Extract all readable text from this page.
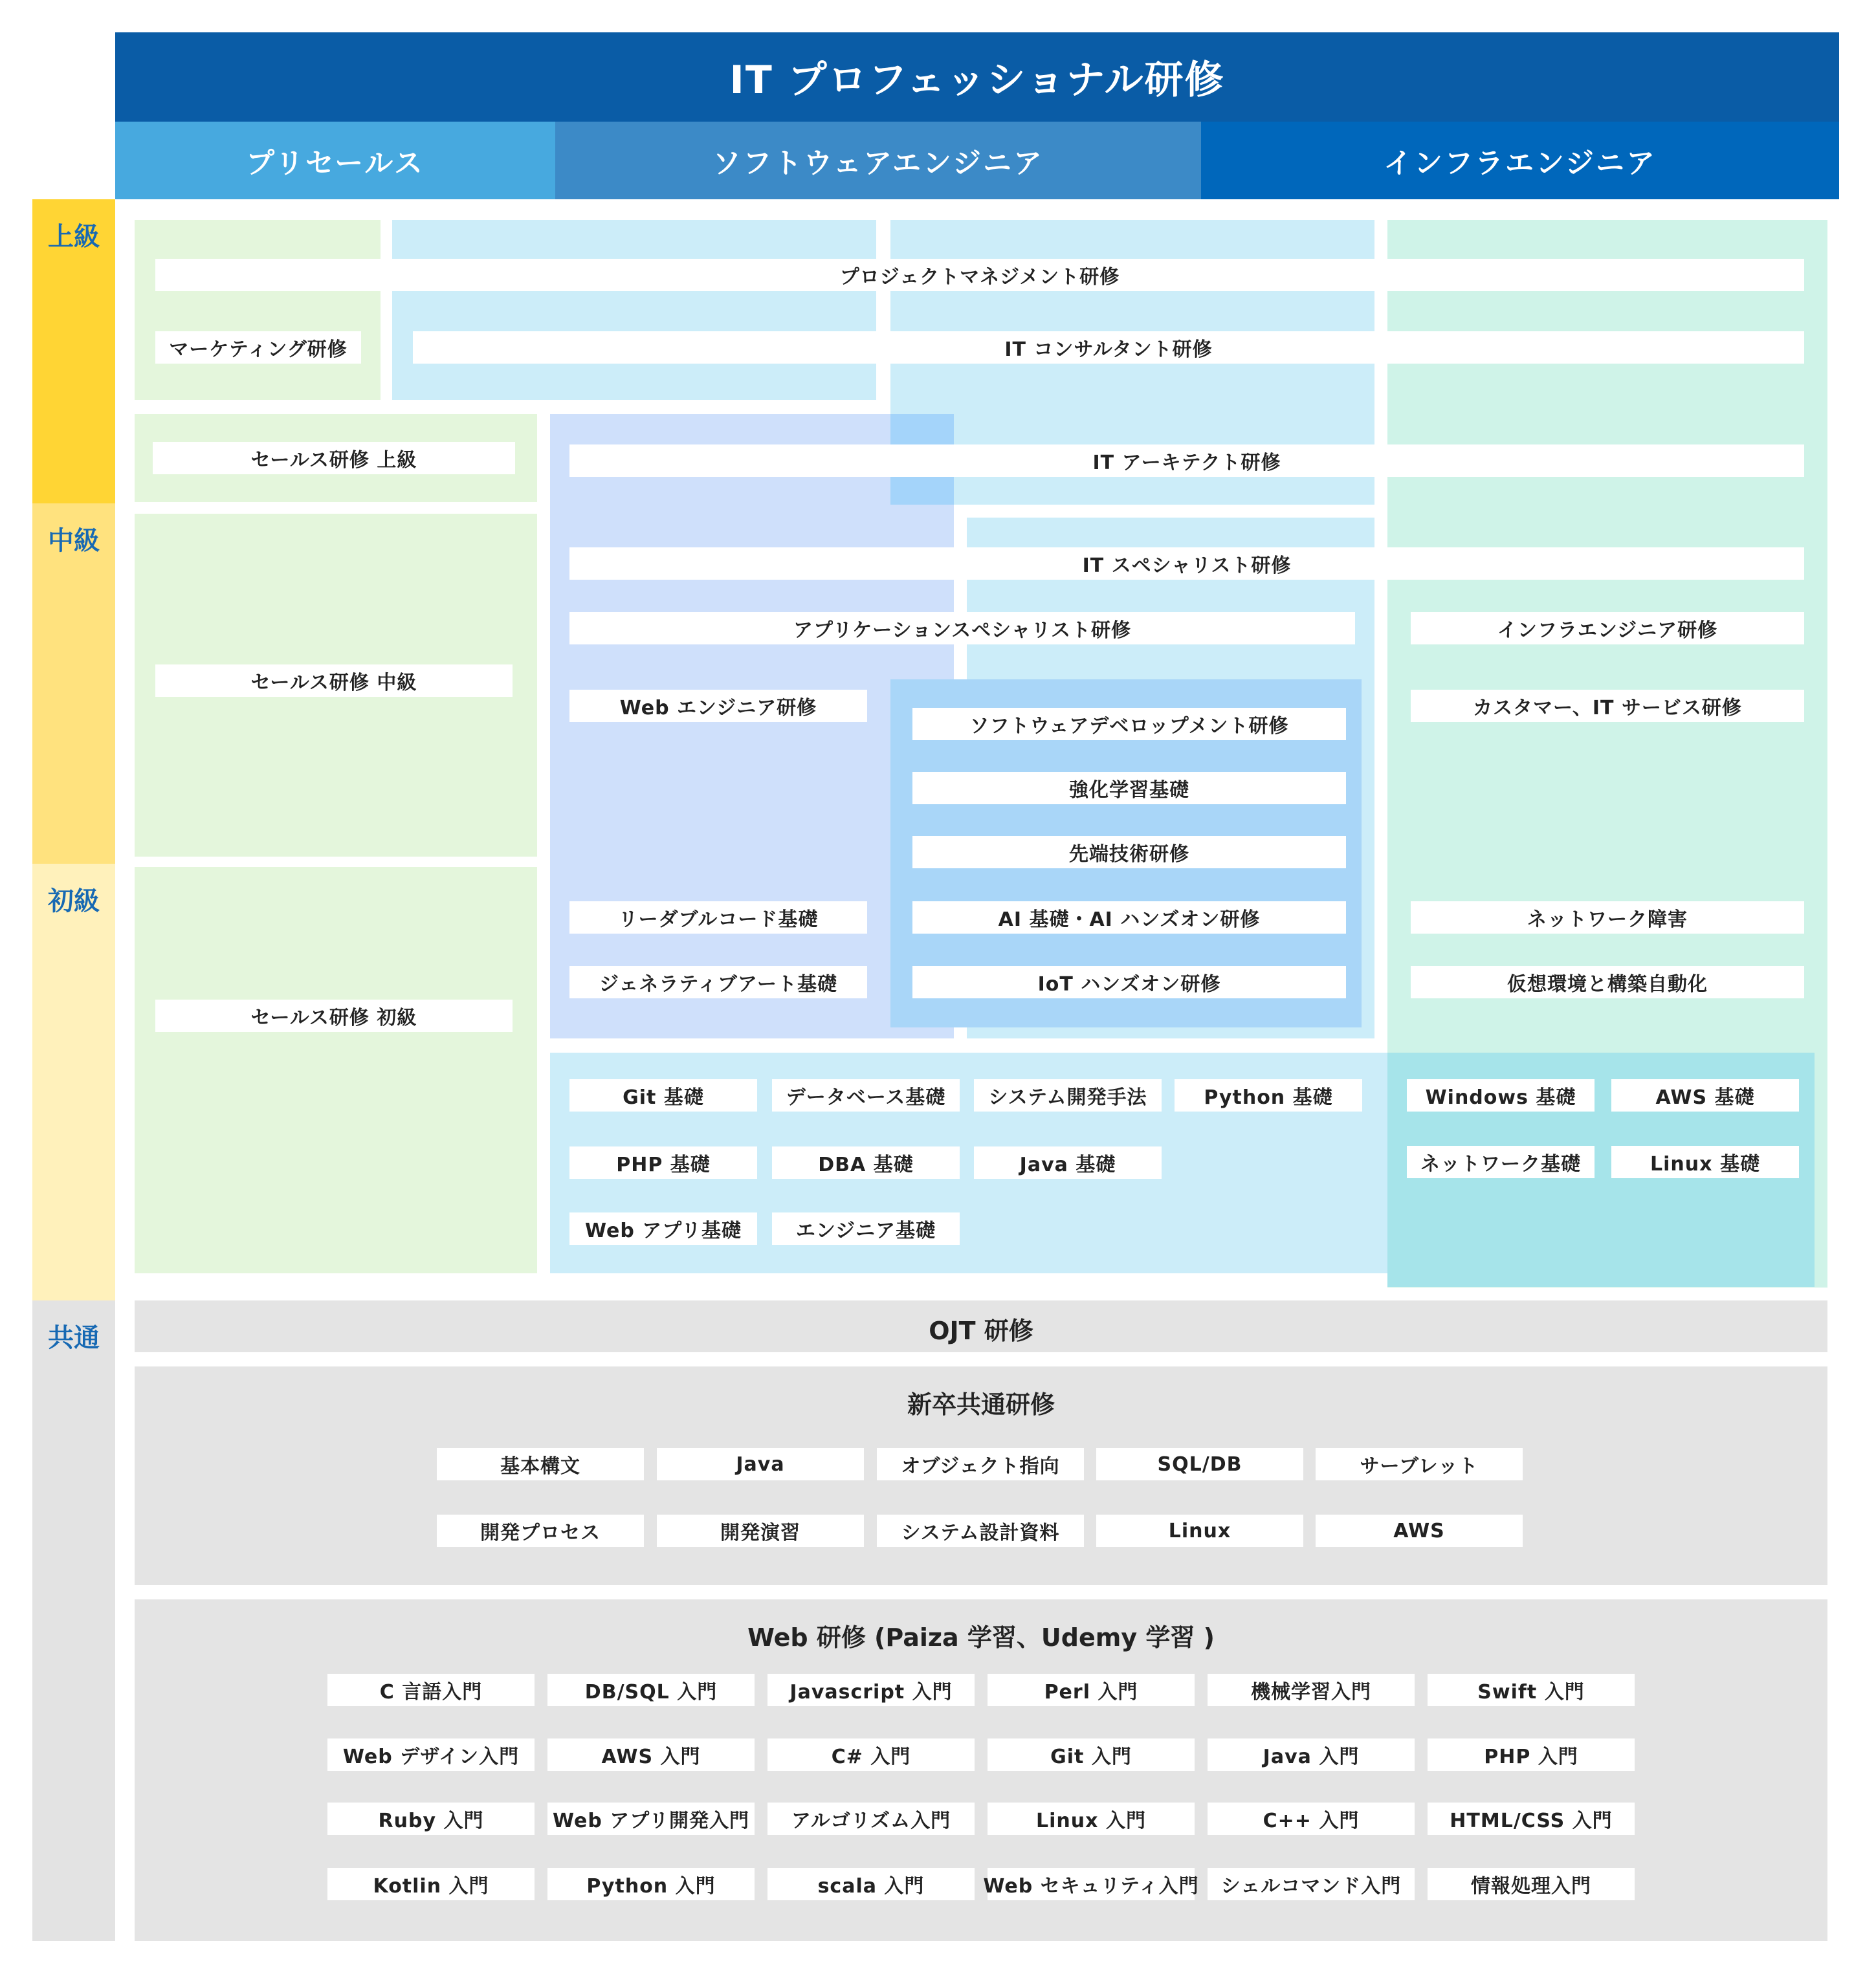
IT プロフェッショナル研修
プリセールス	ソフトウェアエンジニア	インフラエンジニア
上級
中級
初級
共通
プロジェクトマネジメント研修
マーケティング研修	IT コンサルタント研修
セールス研修 上級	IT アーキテクト研修
IT スペシャリスト研修
セールス研修 中級
アプリケーションスペシャリスト研修	インフラエンジニア研修
Web エンジニア研修	カスタマー、IT サービス研修
ソフトウェアデベロップメント研修
強化学習基礎
先端技術研修
リーダブルコード基礎	AI 基礎・AI ハンズオン研修	ネットワーク障害
ジェネラティブアート基礎	IoT ハンズオン研修	仮想環境と構築自動化
セールス研修 初級
Git 基礎	データベース基礎	システム開発手法	Python 基礎
PHP 基礎	DBA 基礎	Java 基礎
Web アプリ基礎	エンジニア基礎
Windows 基礎	AWS 基礎
ネットワーク基礎	Linux 基礎
OJT 研修
新卒共通研修
基本構文	Java	オブジェクト指向	SQL/DB	サーブレット
開発プロセス	開発演習	システム設計資料	Linux	AWS
Web 研修 (Paiza 学習、Udemy 学習 )
C 言語入門	DB/SQL 入門	Javascript 入門	Perl 入門	機械学習入門	Swift 入門
Web デザイン入門	AWS 入門	C# 入門	Git 入門	Java 入門	PHP 入門
Ruby 入門	Web アプリ開発入門	アルゴリズム入門	Linux 入門	C++ 入門	HTML/CSS 入門
Kotlin 入門	Python 入門	scala 入門	Web セキュリティ入門	シェルコマンド入門	情報処理入門
